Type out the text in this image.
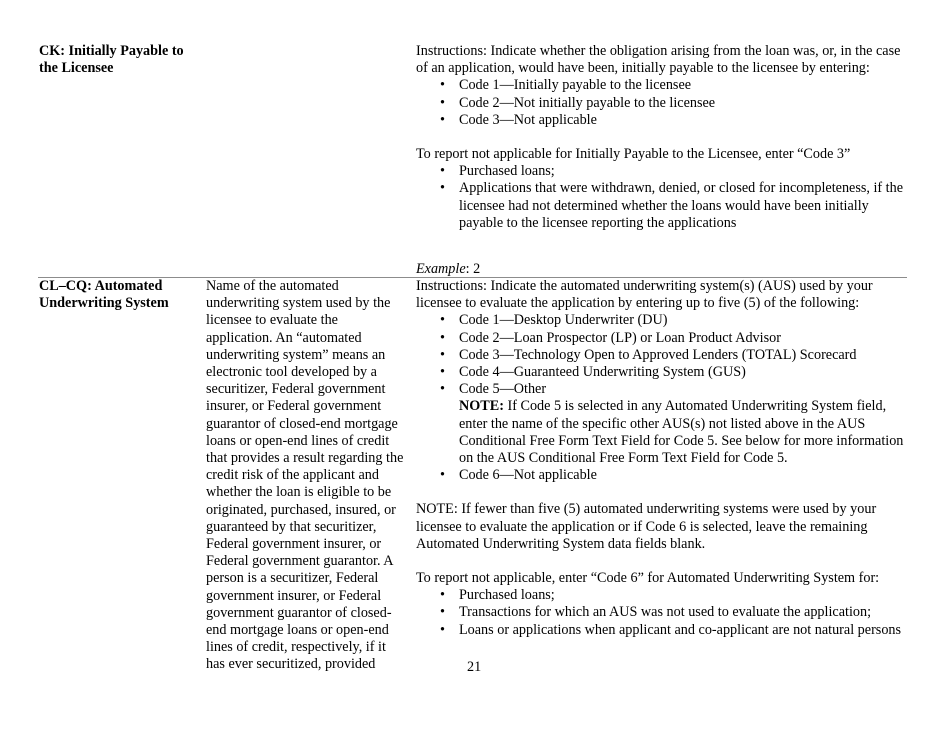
CK: Initially Payable to
the Licensee

Instructions: Indicate whether the obligation arising from the loan was, or, in the case of an application, would have been, initially payable to the licensee by entering:

• Code 1—Initially payable to the licensee
• Code 2—Not initially payable to the licensee
• Code 3—Not applicable

To report not applicable for Initially Payable to the Licensee, enter “Code 3”

• Purchased loans;
• Applications that were withdrawn, denied, or closed for incompleteness, if the licensee had not determined whether the loans would have been initially payable to the licensee reporting the applications
Example: 2
CL–CQ: Automated
Underwriting System
Name of the automated underwriting system used by the licensee to evaluate the application. An “automated underwriting system” means an electronic tool developed by a securitizer, Federal government insurer, or Federal government guarantor of closed-end mortgage loans or open-end lines of credit that provides a result regarding the credit risk of the applicant and whether the loan is eligible to be originated, purchased, insured, or guaranteed by that securitizer, Federal government insurer, or Federal government guarantor. A person is a securitizer, Federal government insurer, or Federal government guarantor of closed-end mortgage loans or open-end lines of credit, respectively, if it has ever securitized, provided

Instructions: Indicate the automated underwriting system(s) (AUS) used by your licensee to evaluate the application by entering up to five (5) of the following:

• Code 1—Desktop Underwriter (DU)
• Code 2—Loan Prospector (LP) or Loan Product Advisor
• Code 3—Technology Open to Approved Lenders (TOTAL) Scorecard
• Code 4—Guaranteed Underwriting System (GUS)
• Code 5—Other
NOTE: If Code 5 is selected in any Automated Underwriting System field, enter the name of the specific other AUS(s) not listed above in the AUS Conditional Free Form Text Field for Code 5. See below for more information on the AUS Conditional Free Form Text Field for Code 5.
• Code 6—Not applicable

NOTE: If fewer than five (5) automated underwriting systems were used by your licensee to evaluate the application or if Code 6 is selected, leave the remaining Automated Underwriting System data fields blank.

To report not applicable, enter “Code 6” for Automated Underwriting System for:

• Purchased loans;
• Transactions for which an AUS was not used to evaluate the application;
• Loans or applications when applicant and co-applicant are not natural persons
21
